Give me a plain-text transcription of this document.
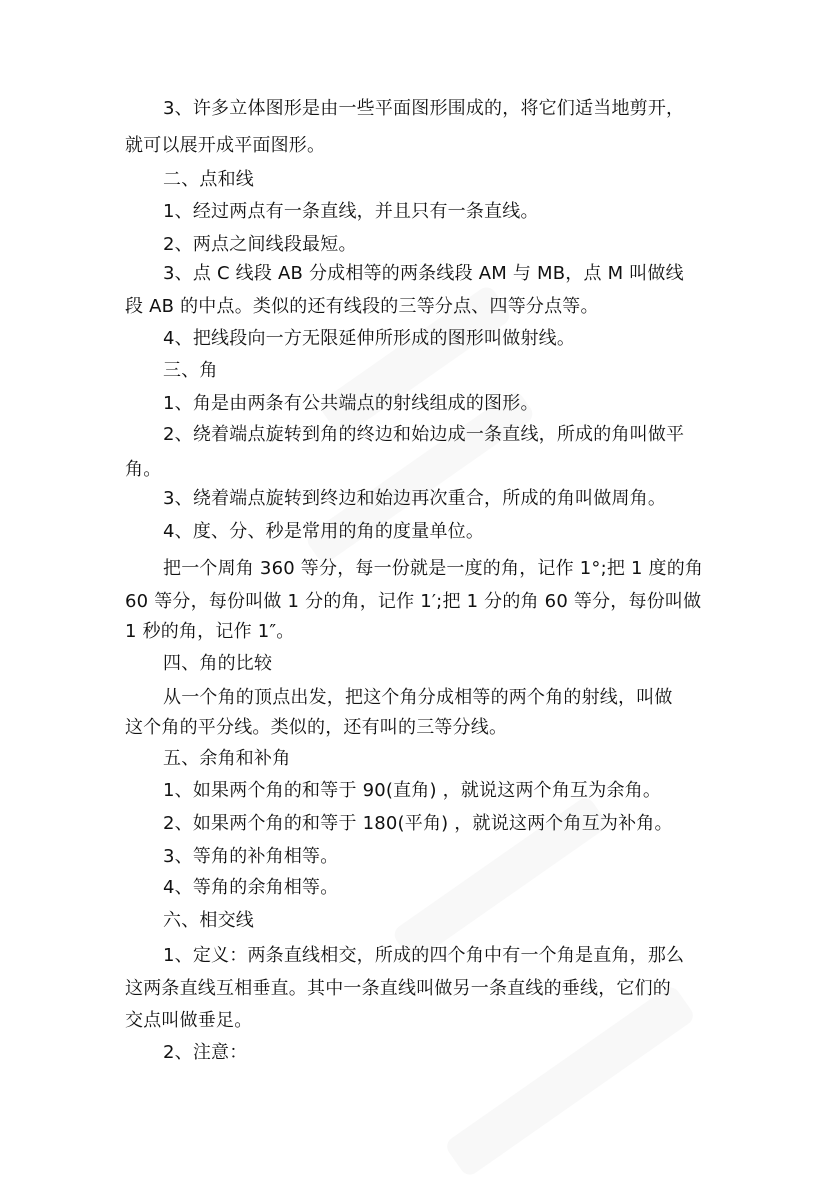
3、许多立体图形是由一些平面图形围成的，将它们适当地剪开，
就可以展开成平面图形。
二、点和线
1、经过两点有一条直线，并且只有一条直线。
2、两点之间线段最短。
3、点 C 线段 AB 分成相等的两条线段 AM 与 MB，点 M 叫做线
段 AB 的中点。类似的还有线段的三等分点、四等分点等。
4、把线段向一方无限延伸所形成的图形叫做射线。
三、角
1、角是由两条有公共端点的射线组成的图形。
2、绕着端点旋转到角的终边和始边成一条直线，所成的角叫做平
角。
3、绕着端点旋转到终边和始边再次重合，所成的角叫做周角。
4、度、分、秒是常用的角的度量单位。
把一个周角 360 等分，每一份就是一度的角，记作 1°;把 1 度的角
60 等分，每份叫做 1 分的角，记作 1′;把 1 分的角 60 等分，每份叫做
1 秒的角，记作 1″。
四、角的比较
从一个角的顶点出发，把这个角分成相等的两个角的射线，叫做
这个角的平分线。类似的，还有叫的三等分线。
五、余角和补角
1、如果两个角的和等于 90(直角) ，就说这两个角互为余角。
2、如果两个角的和等于 180(平角) ，就说这两个角互为补角。
3、等角的补角相等。
4、等角的余角相等。
六、相交线
1、定义：两条直线相交，所成的四个角中有一个角是直角，那么
这两条直线互相垂直。其中一条直线叫做另一条直线的垂线，它们的
交点叫做垂足。
2、注意：
